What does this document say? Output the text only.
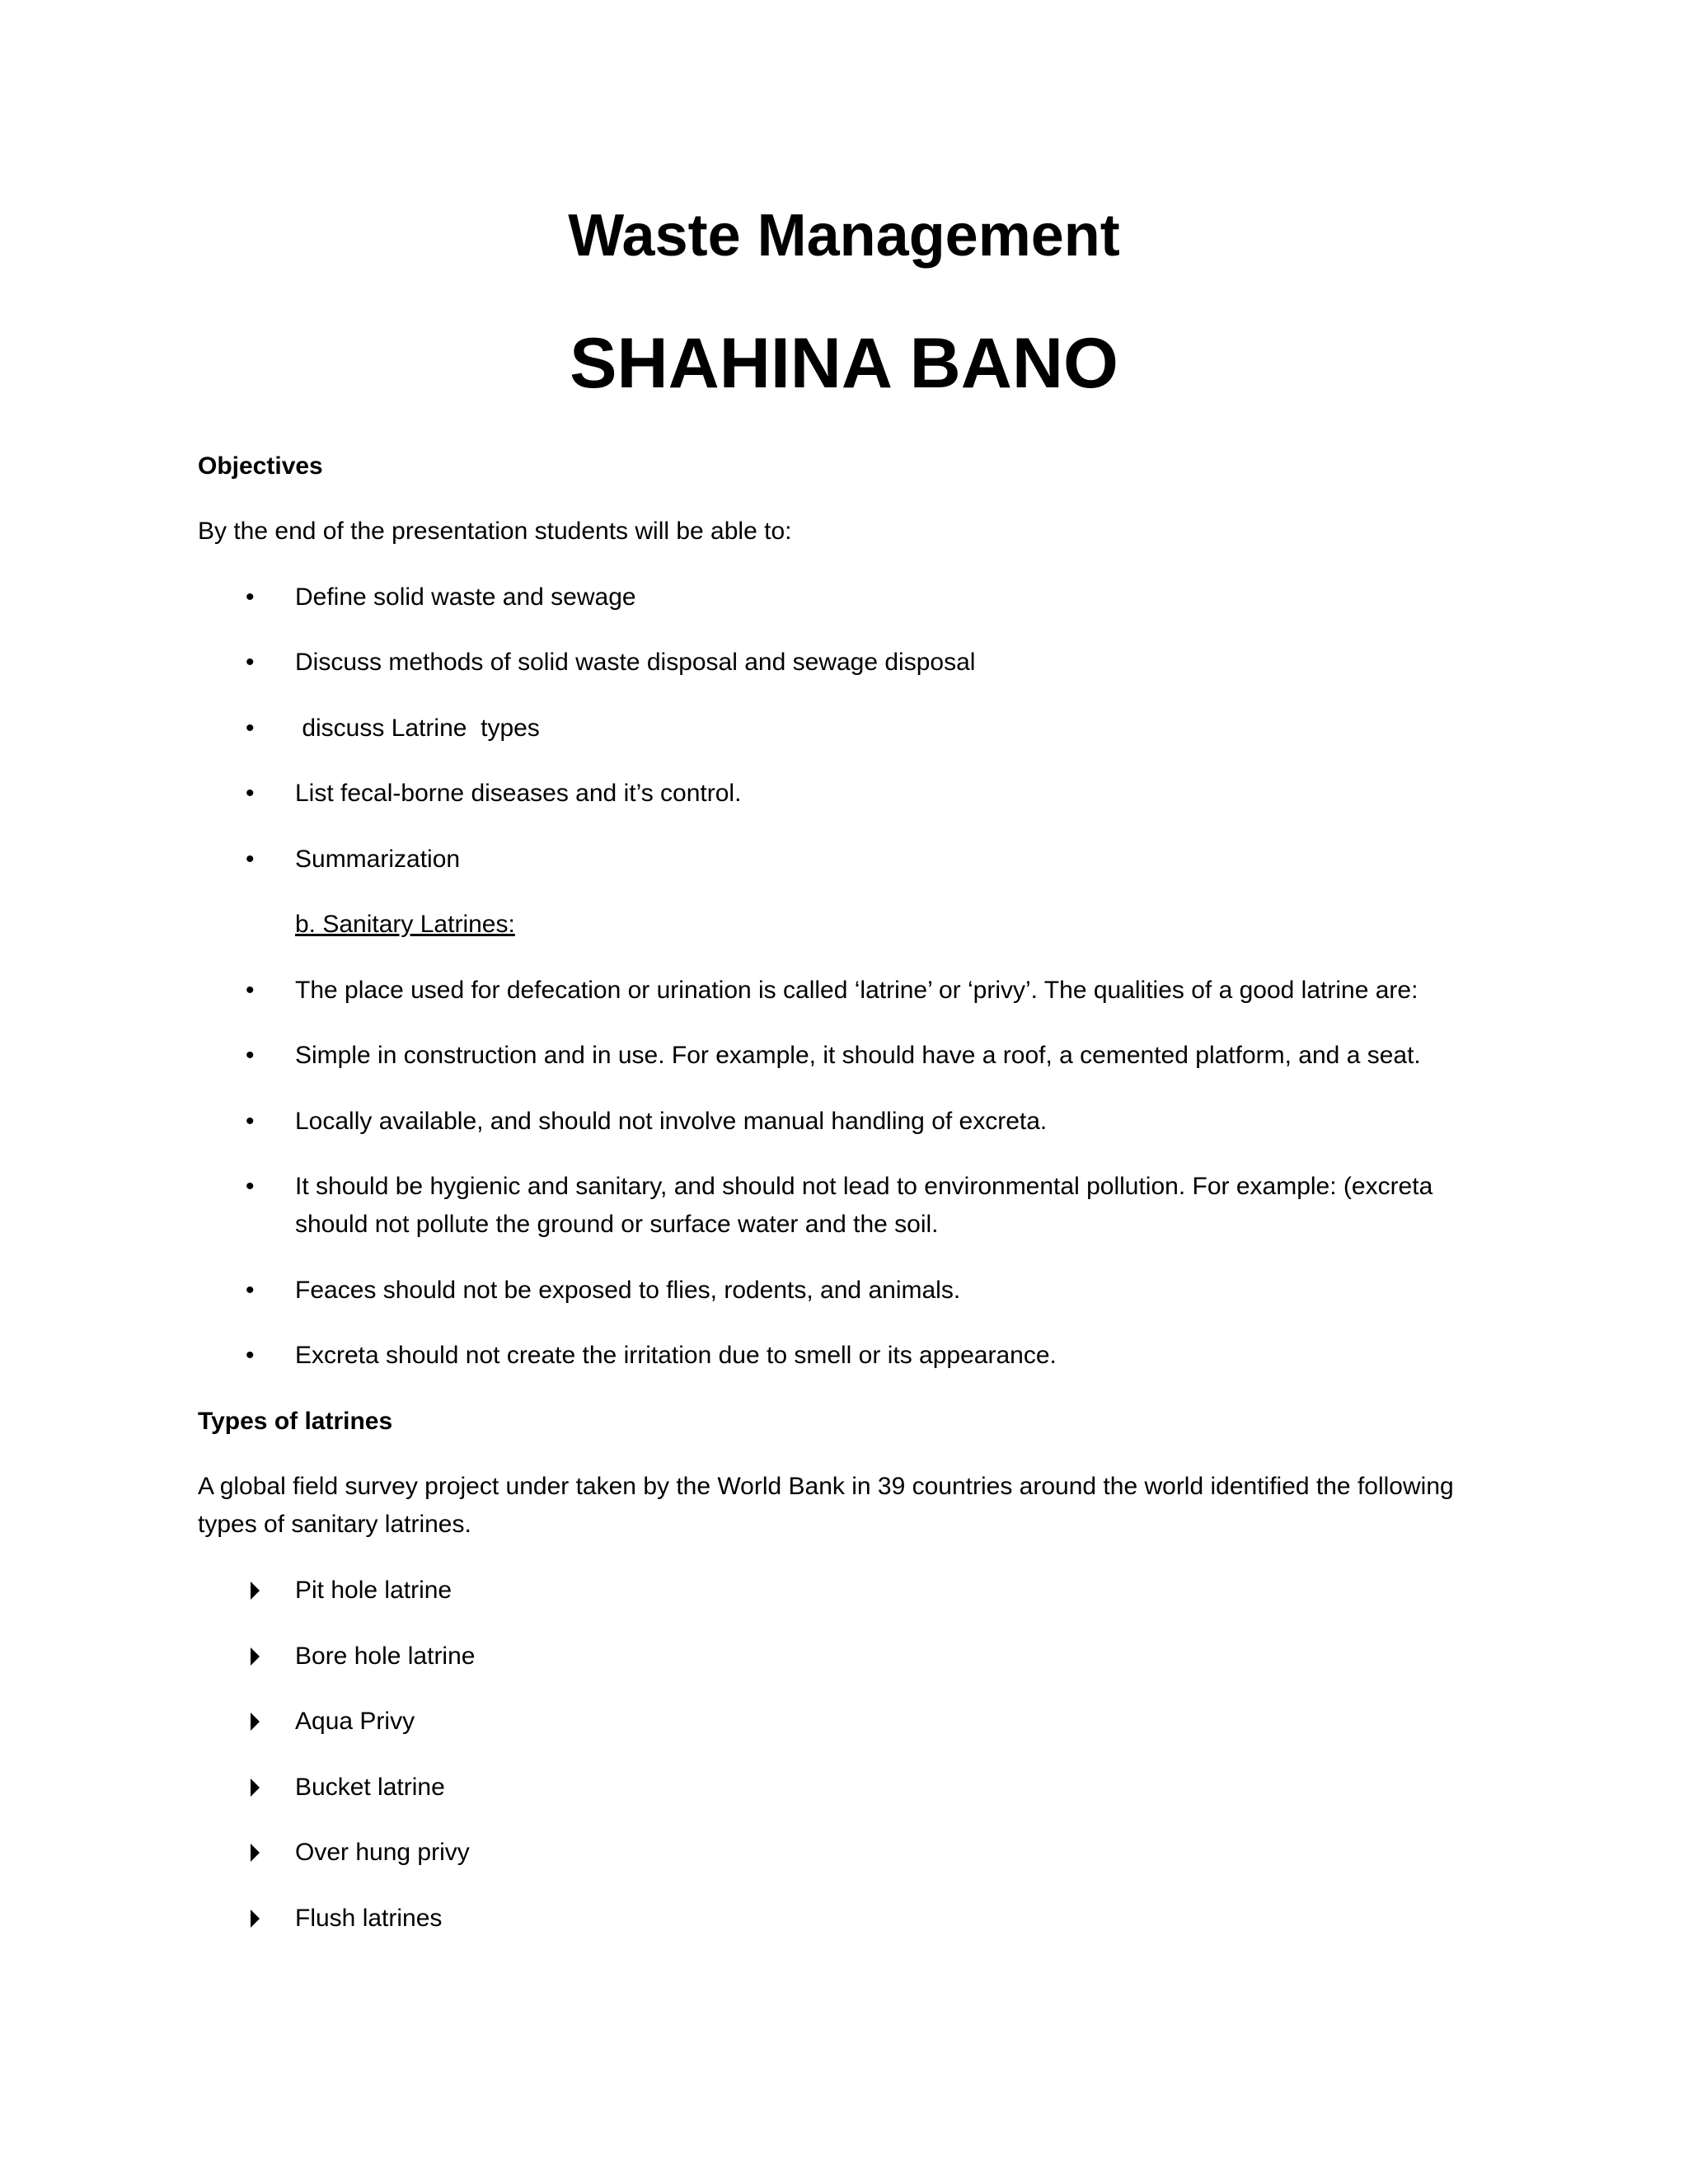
Waste Management
SHAHINA BANO
Objectives
By the end of the presentation students will be able to:
•	Define solid waste and sewage
•	Discuss methods of solid waste disposal and sewage disposal
•	discuss Latrine  types
•	List fecal-borne diseases and it’s control.
•	Summarization
b. Sanitary Latrines:
•	The place used for defecation or urination is called ‘latrine’ or ‘privy’. The qualities of a good latrine are:
•	Simple in construction and in use. For example, it should have a roof, a cemented platform, and a seat.
•	Locally available, and should not involve manual handling of excreta.
•	It should be hygienic and sanitary, and should not lead to environmental pollution. For example: (excreta should not pollute the ground or surface water and the soil.
•	Feaces should not be exposed to flies, rodents, and animals.
•	Excreta should not create the irritation due to smell or its appearance.
Types of latrines

A global field survey project under taken by the World Bank in 39 countries around the world identified the following types of sanitary latrines.

Pit hole latrine
Bore hole latrine
Aqua Privy
Bucket latrine
Over hung privy
Flush latrines
